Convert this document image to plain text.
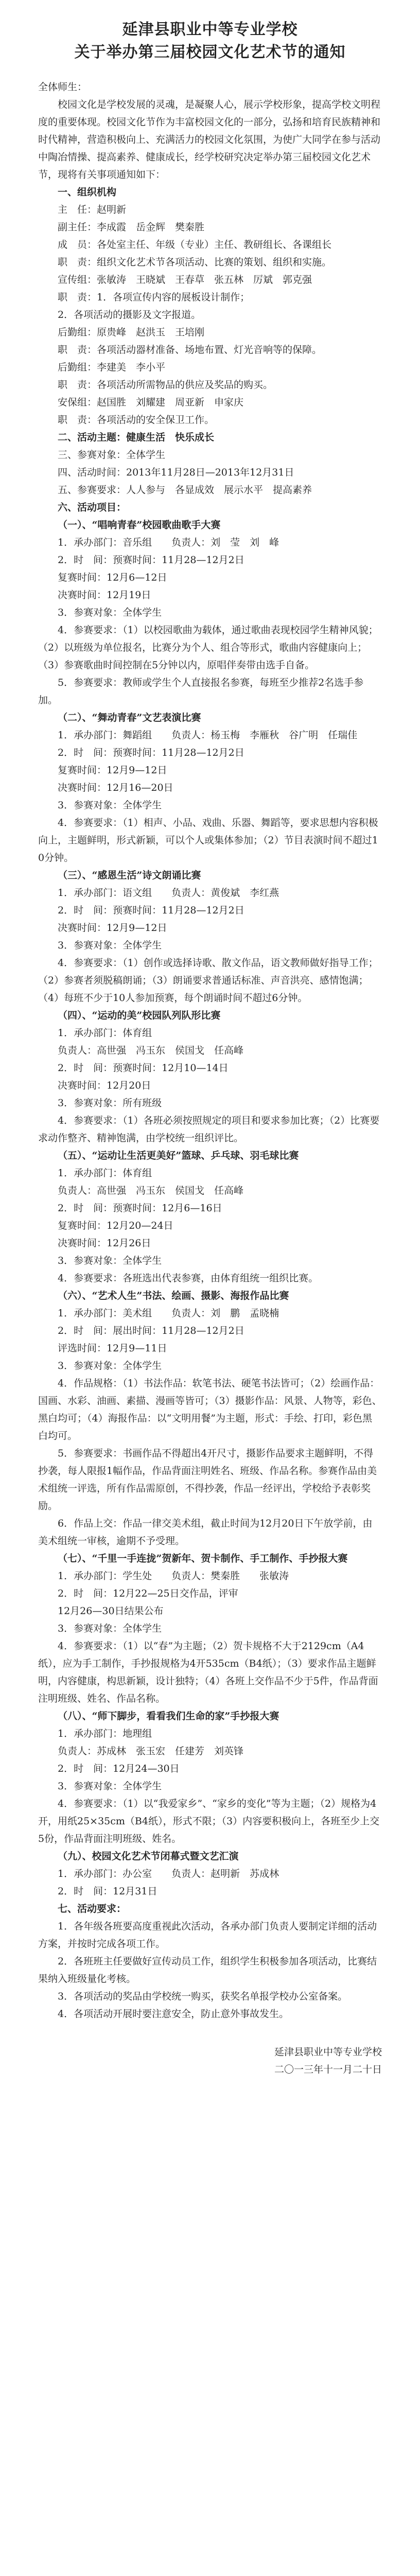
延津县职业中等专业学校
关于举办第三届校园文化艺术节的通知

全体师生：

校园文化是学校发展的灵魂，是凝聚人心，展示学校形象，提高学校文明程度的重要体现。校园文化节作为丰富校园文化的一部分，弘扬和培育民族精神和时代精神，营造积极向上、充满活力的校园文化氛围，为使广大同学在参与活动中陶冶情操、提高素养、健康成长，经学校研究决定举办第三届校园文化艺术节，现将有关事项通知如下：

一、组织机构

主　任：赵明新

副主任：李成霞　岳金辉　樊秦胜

成　员：各处室主任、年级（专业）主任、教研组长、各课组长

职　责：组织文化艺术节各项活动、比赛的策划、组织和实施。

宣传组：张敏涛　王晓斌　王春草　张五林　厉斌　郭克强

职　责：1．各项宣传内容的展板设计制作；

2．各项活动的摄影及文字报道。

后勤组：原贵峰　赵洪玉　王培刚

职　责：各项活动器材准备、场地布置、灯光音响等的保障。

后勤组：李建美　李小平

职　责：各项活动所需物品的供应及奖品的购买。

安保组：赵国胜　刘耀建　周亚新　申家庆

职　责：各项活动的安全保卫工作。

二、活动主题：健康生活　快乐成长

三、参赛对象：全体学生

四、活动时间：2013年11月28日—2013年12月31日

五、参赛要求：人人参与　各显成效　展示水平　提高素养

六、活动项目：

（一）、“唱响青春”校园歌曲歌手大赛

1．承办部门：音乐组　　负责人：刘　莹　刘　峰

2．时　间：预赛时间：11月28—12月2日

复赛时间：12月6—12日

决赛时间：12月19日

3．参赛对象：全体学生

4．参赛要求：（1）以校园歌曲为载体，通过歌曲表现校园学生精神风貌；（2）以班级为单位报名，比赛分为个人、组合等形式，歌曲内容健康向上；（3）参赛歌曲时间控制在5分钟以内，原唱伴奏带由选手自备。

5．参赛要求：教师或学生个人直接报名参赛，每班至少推荐2名选手参加。

（二）、“舞动青春”文艺表演比赛

1．承办部门：舞蹈组　　负责人：杨玉梅　李雁秋　谷广明　任瑞佳

2．时　间：预赛时间：11月28—12月2日

复赛时间：12月9—12日

决赛时间：12月16—20日

3．参赛对象：全体学生

4．参赛要求：（1）相声、小品、戏曲、乐器、舞蹈等，要求思想内容积极向上，主题鲜明，形式新颖，可以个人或集体参加；（2）节目表演时间不超过10分钟。

（三）、“感恩生活”诗文朗诵比赛

1．承办部门：语文组　　负责人：黄俊斌　李红燕

2．时　间：预赛时间：11月28—12月2日

决赛时间：12月9—12日

3．参赛对象：全体学生

4．参赛要求：（1）创作或选择诗歌、散文作品，语文教师做好指导工作；（2）参赛者须脱稿朗诵；（3）朗诵要求普通话标准、声音洪亮、感情饱满；（4）每班不少于10人参加预赛，每个朗诵时间不超过6分钟。

（四）、“运动的美”校园队列队形比赛

1．承办部门：体育组

负责人：高世强　冯玉东　侯国戈　任高峰

2．时　间：预赛时间：12月10—14日

决赛时间：12月20日

3．参赛对象：所有班级

4．参赛要求：（1）各班必须按照规定的项目和要求参加比赛；（2）比赛要求动作整齐、精神饱满，由学校统一组织评比。

（五）、“运动让生活更美好”篮球、乒乓球、羽毛球比赛

1．承办部门：体育组

负责人：高世强　冯玉东　侯国戈　任高峰

2．时　间：预赛时间：12月6—16日

复赛时间：12月20—24日

决赛时间：12月26日

3．参赛对象：全体学生

4．参赛要求：各班选出代表参赛，由体育组统一组织比赛。

（六）、“艺术人生”书法、绘画、摄影、海报作品比赛

1．承办部门：美术组　　负责人：刘　鹏　孟晓楠

2．时　间：展出时间：11月28—12月2日

评选时间：12月9—11日

3．参赛对象：全体学生

4．作品规格：（1）书法作品：软笔书法、硬笔书法皆可；（2）绘画作品：国画、水彩、油画、素描、漫画等皆可；（3）摄影作品：风景、人物等，彩色、黑白均可；（4）海报作品：以“文明用餐”为主题，形式：手绘、打印，彩色黑白均可。

5．参赛要求：书画作品不得超出4开尺寸，摄影作品要求主题鲜明，不得抄袭，每人限报1幅作品，作品背面注明姓名、班级、作品名称。参赛作品由美术组统一评选，所有作品需原创，不得抄袭，作品一经评出，学校给予表彰奖励。

6．作品上交：作品一律交美术组，截止时间为12月20日下午放学前，由美术组统一审核，逾期不予受理。

（七）、“千里一手连拢”贺新年、贺卡制作、手工制作、手抄报大赛

1．承办部门：学生处　　负责人：樊秦胜　　张敏涛

2．时　间：12月22—25日交作品，评审

12月26—30日结果公布

3．参赛对象：全体学生

4．参赛要求：（1）以“春”为主题；（2）贺卡规格不大于2129cm（A4纸），应为手工制作，手抄报规格为4开535cm（B4纸）；（3）要求作品主题鲜明，内容健康，构思新颖，设计独特；（4）各班上交作品不少于5件，作品背面注明班级、姓名、作品名称。

（八）、“师下脚步，看看我们生命的家”手抄报大赛

1．承办部门：地理组

负责人：苏成林　张玉宏　任建芳　刘英锋

2．时　间：12月24—30日

3．参赛对象：全体学生

4．参赛要求：（1）以“我爱家乡”、“家乡的变化”等为主题；（2）规格为4开，用纸25×35cm（B4纸），形式不限；（3）内容要积极向上，各班至少上交5份，作品背面注明班级、姓名。

（九）、校园文化艺术节闭幕式暨文艺汇演

1．承办部门：办公室　　负责人：赵明新　苏成林

2．时　间：12月31日

七、活动要求：

1．各年级各班要高度重视此次活动，各承办部门负责人要制定详细的活动方案，并按时完成各项工作。

2．各班班主任要做好宣传动员工作，组织学生积极参加各项活动，比赛结果纳入班级量化考核。

3．各项活动的奖品由学校统一购买，获奖名单报学校办公室备案。

4．各项活动开展时要注意安全，防止意外事故发生。

延津县职业中等专业学校

二〇一三年十一月二十日
